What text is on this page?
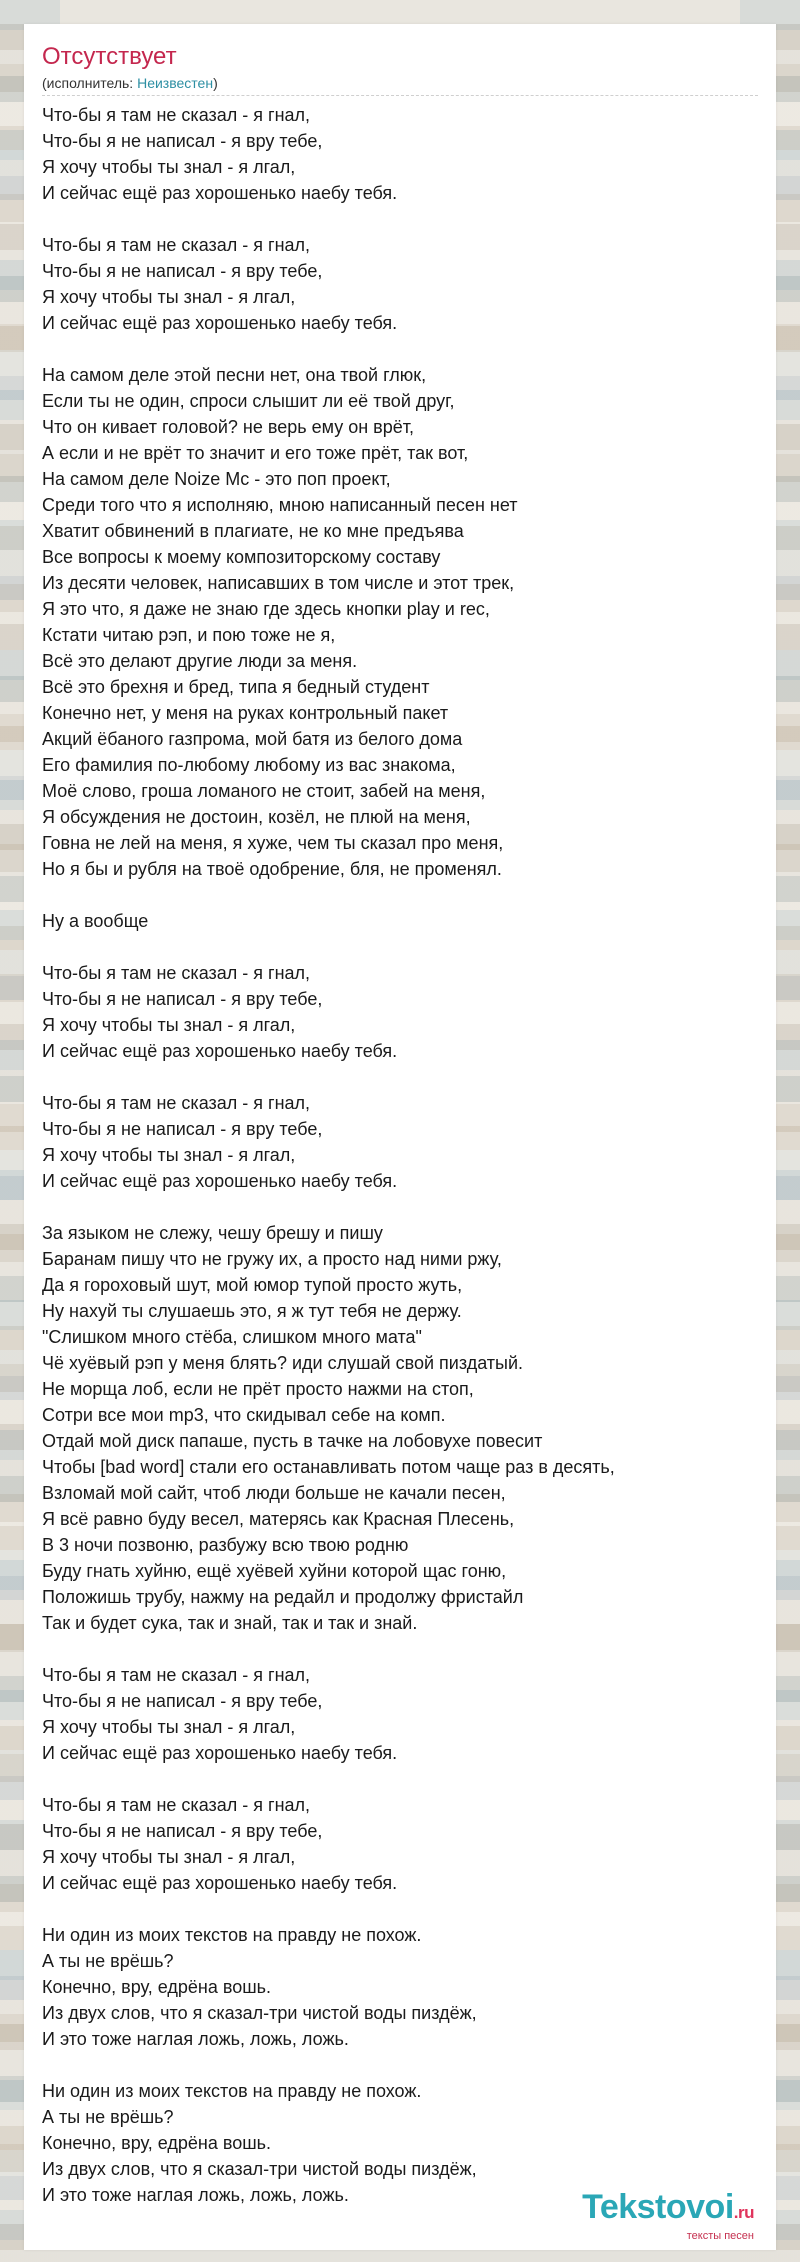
Отсутствует

(исполнитель: Неизвестен)

Что-бы я там не сказал - я гнал,
Что-бы я не написал - я вру тебе,
Я хочу чтобы ты знал - я лгал,
И сейчас ещё раз хорошенько наебу тебя.

Что-бы я там не сказал - я гнал,
Что-бы я не написал - я вру тебе,
Я хочу чтобы ты знал - я лгал,
И сейчас ещё раз хорошенько наебу тебя.

На самом деле этой песни нет, она твой глюк,
Если ты не один, спроси слышит ли её твой друг,
Что он кивает головой? не верь ему он врёт,
А если и не врёт то значит и его тоже прёт, так вот,
На самом деле Noize Mc - это поп проект,
Среди того что я исполняю, мною написанный песен нет
Хватит обвинений в плагиате, не ко мне предъява
Все вопросы к моему композиторскому составу
Из десяти человек, написавших в том числе и этот трек,
Я это что, я даже не знаю где здесь кнопки play и rec,
Кстати читаю рэп, и пою тоже не я,
Всё это делают другие люди за меня.
Всё это брехня и бред, типа я бедный студент
Конечно нет, у меня на руках контрольный пакет
Акций ёбаного газпрома, мой батя из белого дома
Его фамилия по-любому любому из вас знакома,
Моё слово, гроша ломаного не стоит, забей на меня,
Я обсуждения не достоин, козёл, не плюй на меня,
Говна не лей на меня, я хуже, чем ты сказал про меня,
Но я бы и рубля на твоё одобрение, бля, не променял.

Ну а вообще

Что-бы я там не сказал - я гнал,
Что-бы я не написал - я вру тебе,
Я хочу чтобы ты знал - я лгал,
И сейчас ещё раз хорошенько наебу тебя.

Что-бы я там не сказал - я гнал,
Что-бы я не написал - я вру тебе,
Я хочу чтобы ты знал - я лгал,
И сейчас ещё раз хорошенько наебу тебя.

За языком не слежу, чешу брешу и пишу
Баранам пишу что не гружу их, а просто над ними ржу,
Да я гороховый шут, мой юмор тупой просто жуть,
Ну нахуй ты слушаешь это, я ж тут тебя не держу.
"Слишком много стёба, слишком много мата"
Чё хуёвый рэп у меня блять? иди слушай свой пиздатый.
Не морща лоб, если не прёт просто нажми на стоп,
Сотри все мои mp3, что скидывал себе на комп.
Отдай мой диск папаше, пусть в тачке на лобовухе повесит
Чтобы [bad word] стали его останавливать потом чаще раз в десять,
Взломай мой сайт, чтоб люди больше не качали песен,
Я всё равно буду весел, матерясь как Красная Плесень,
В 3 ночи позвоню, разбужу всю твою родню
Буду гнать хуйню, ещё хуёвей хуйни которой щас гоню,
Положишь трубу, нажму на редайл и продолжу фристайл
Так и будет сука, так и знай, так и так и знай.

Что-бы я там не сказал - я гнал,
Что-бы я не написал - я вру тебе,
Я хочу чтобы ты знал - я лгал,
И сейчас ещё раз хорошенько наебу тебя.

Что-бы я там не сказал - я гнал,
Что-бы я не написал - я вру тебе,
Я хочу чтобы ты знал - я лгал,
И сейчас ещё раз хорошенько наебу тебя.

Ни один из моих текстов на правду не похож.
А ты не врёшь?
Конечно, вру, едрёна вошь.
Из двух слов, что я сказал-три чистой воды пиздёж,
И это тоже наглая ложь, ложь, ложь.

Ни один из моих текстов на правду не похож.
А ты не врёшь?
Конечно, вру, едрёна вошь.
Из двух слов, что я сказал-три чистой воды пиздёж,
И это тоже наглая ложь, ложь, ложь.	Tekstovoi.ru
тексты песен
